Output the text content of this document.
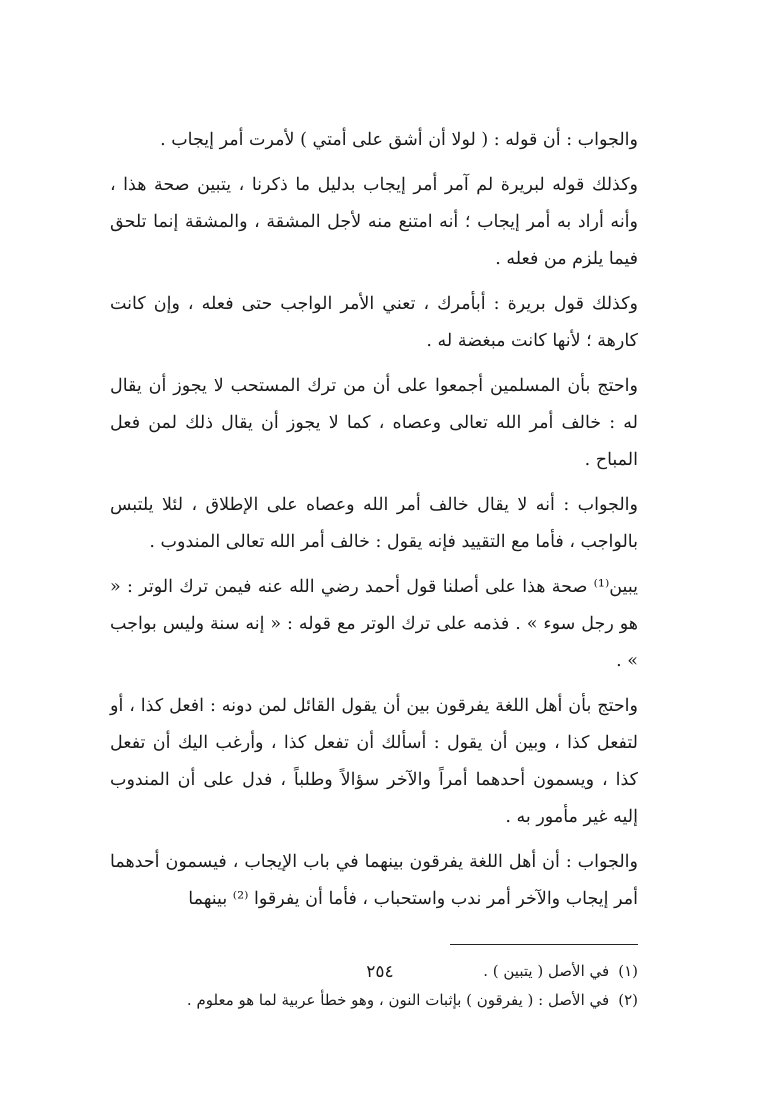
والجواب : أن قوله : ( لولا أن أشق على أمتي ) لأمرت أمر إيجاب .

وكذلك قوله لبريرة لم آمر أمر إيجاب بدليل ما ذكرنا ، يتبين صحة هذا ، وأنه أراد به أمر إيجاب ؛ أنه امتنع منه لأجل المشقة ، والمشقة إنما تلحق فيما يلزم من فعله .

وكذلك قول بريرة : أبأمرك ، تعني الأمر الواجب حتى فعله ، وإن كانت كارهة ؛ لأنها كانت مبغضة له .

واحتج بأن المسلمين أجمعوا على أن من ترك المستحب لا يجوز أن يقال له : خالف أمر الله تعالى وعصاه ، كما لا يجوز أن يقال ذلك لمن فعل المباح .

والجواب : أنه لا يقال خالف أمر الله وعصاه على الإطلاق ، لئلا يلتبس بالواجب ، فأما مع التقييد فإنه يقول : خالف أمر الله تعالى المندوب .

يبين⁽¹⁾ صحة هذا على أصلنا قول أحمد رضي الله عنه فيمن ترك الوتر : « هو رجل سوء » . فذمه على ترك الوتر مع قوله : « إنه سنة وليس بواجب » .

واحتج بأن أهل اللغة يفرقون بين أن يقول القائل لمن دونه : افعل كذا ، أو لتفعل كذا ، وبين أن يقول : أسألك أن تفعل كذا ، وأرغب اليك أن تفعل كذا ، ويسمون أحدهما أمراً والآخر سؤالاً وطلباً ، فدل على أن المندوب إليه غير مأمور به .

والجواب : أن أهل اللغة يفرقون بينهما في باب الإيجاب ، فيسمون أحدهما أمر إيجاب والآخر أمر ندب واستحباب ، فأما أن يفرقوا ⁽²⁾ بينهما

(١) في الأصل ( يتبين ) .

(٢) في الأصل : ( يفرقون ) بإثبات النون ، وهو خطأ عربية لما هو معلوم .

٢٥٤
